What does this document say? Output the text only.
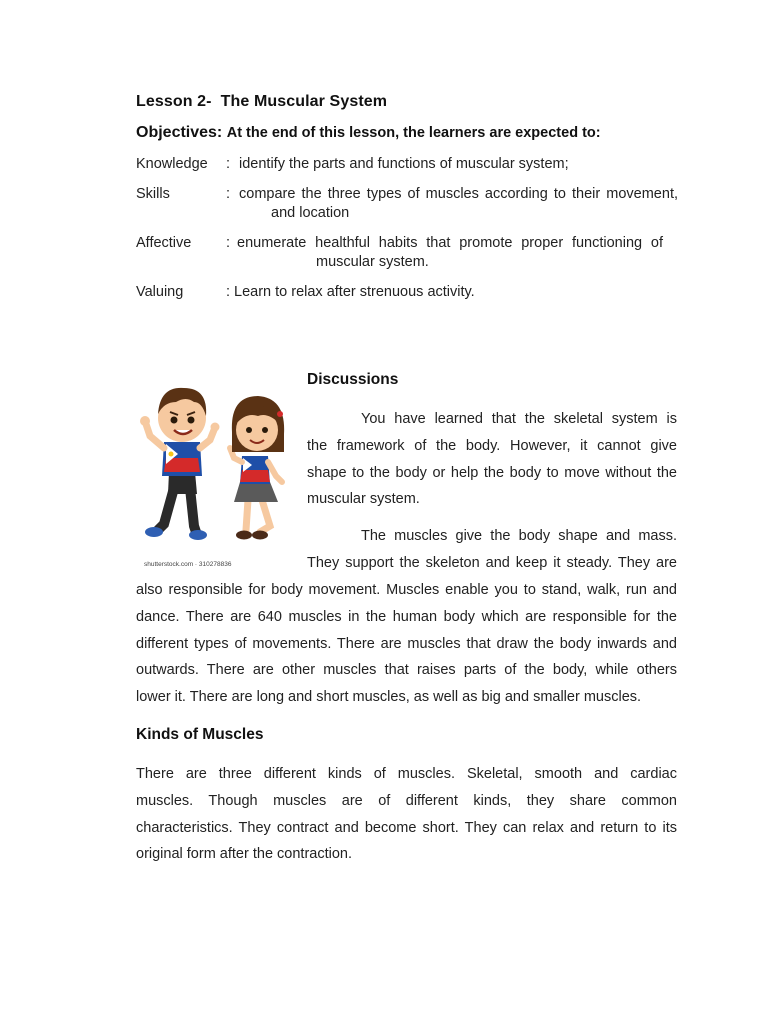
Lesson 2-  The Muscular System
Objectives: At the end of this lesson, the learners are expected to:
Knowledge : identify the parts and functions of muscular system;
Skills	: compare the three types of muscles according to their movement,
and location
Affective : enumerate healthful habits that promote proper functioning of
muscular system.
Valuing	: Learn to relax after strenuous activity.
shutterstock.com · 310278836
Discussions
You have learned that the skeletal system is
the framework of the body. However, it cannot give
shape to the body or help the body to move without the
muscular system.
The muscles give the body shape and mass.
They support the skeleton and keep it steady. They are
also responsible for body movement. Muscles enable you to stand, walk, run and
dance. There are 640 muscles in the human body which are responsible for the
different types of movements. There are muscles that draw the body inwards and
outwards. There are other muscles that raises parts of the body, while others
lower it. There are long and short muscles, as well as big and smaller muscles.
Kinds of Muscles
There are three different kinds of muscles. Skeletal, smooth and cardiac
muscles. Though muscles are of different kinds, they share common
characteristics. They contract and become short. They can relax and return to its
original form after the contraction.
